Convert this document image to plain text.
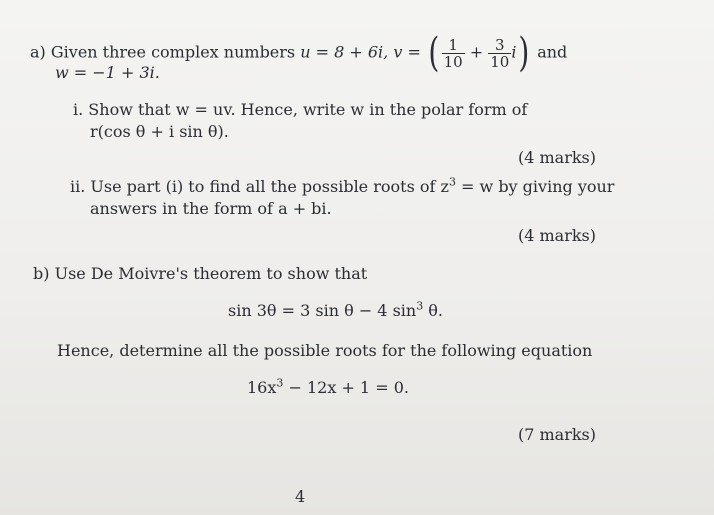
a) Given three complex numbers u = 8 + 6i, v = ( $\frac{1}{10} + \frac{3}{10} i$) and
w = −1 + 3i.
i. Show that w = uv. Hence, write w in the polar form of
r(cos θ + i sin θ).
(4 marks)
ii. Use part (i) to find all the possible roots of $z^3 = w$ by giving your
answers in the form of a + bi.
(4 marks)
b) Use De Moivre's theorem to show that
sin 3θ = 3 sin θ − 4 $\sin^3 \theta$.
Hence, determine all the possible roots for the following equation
$16x^3 - 12x + 1 = 0$.
(7 marks)
4
